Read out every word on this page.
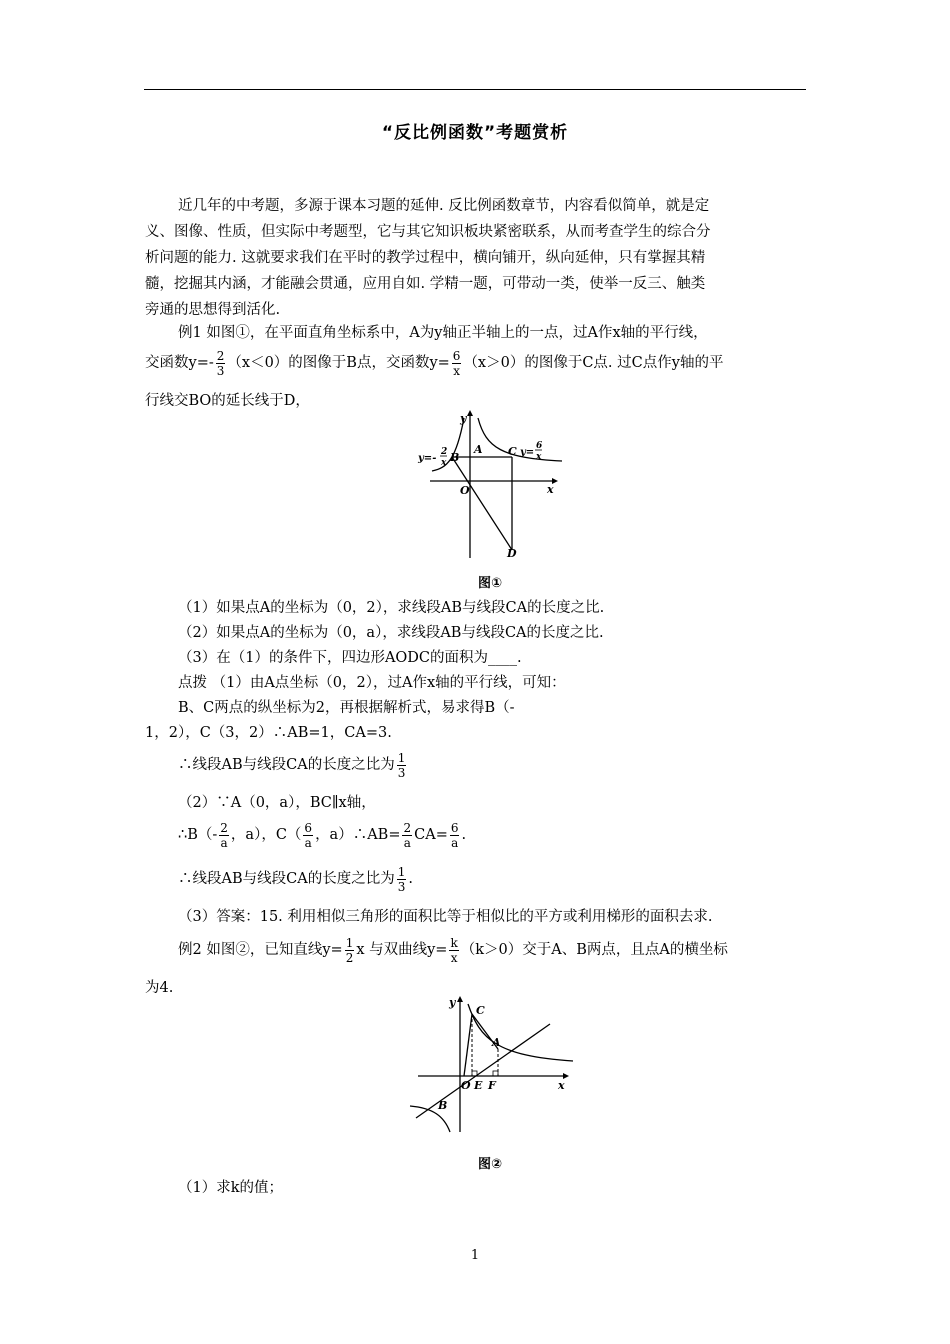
“反比例函数”考题赏析
近几年的中考题，多源于课本习题的延伸. 反比例函数章节，内容看似简单，就是定
义、图像、性质，但实际中考题型，它与其它知识板块紧密联系，从而考查学生的综合分
析问题的能力. 这就要求我们在平时的教学过程中，横向铺开，纵向延伸，只有掌握其精
髓，挖掘其内涵，才能融会贯通，应用自如. 学精一题，可带动一类，使举一反三、触类
旁通的思想得到活化.
例1 如图①，在平面直角坐标系中，A为y轴正半轴上的一点，过A作x轴的平行线，
交函数$y=- \frac{2}{3} (x<0)$的图像于B点，交函数$y= \frac{6}{x} (x>0)$的图像于C点. 过C点作y轴的平
行线交BO的延长线于D，
y
x
O
A C
D
B
y=-
2
x
y=
6
x
图①
（1）如果点A的坐标为（0，2），求线段AB与线段CA的长度之比.
（2）如果点A的坐标为（0，a），求线段AB与线段CA的长度之比.
（3）在（1）的条件下，四边形AODC的面积为____.
点拨 （1）由A点坐标（0，2），过A作x轴的平行线，可知：
B、C两点的纵坐标为2，再根据解析式，易求得B（-
1，2），C（3，2）∴AB=1，CA=3.
∴线段AB与线段CA的长度之比为 $\frac{1}{3}$
（2）∵A（0，a），BC∥x轴，
∴B（- $\frac{2}{a}$ ，a），$C( \frac{6}{a}$ ，a）∴AB= $\frac{2}{a} CA= \frac{6}{a}$ .
∴线段AB与线段CA的长度之比为 $\frac{1}{3}$ .
（3）答案：15. 利用相似三角形的面积比等于相似比的平方或利用梯形的面积去求.
例2 如图②，已知直线$y= \frac{1}{2}$ x 与双曲线$y= \frac{k}{x} (k>0)$交于A、B两点，且点A的横坐标
为4.
y
x
O E F
A
C
B
图②
（1）求k的值；
1
